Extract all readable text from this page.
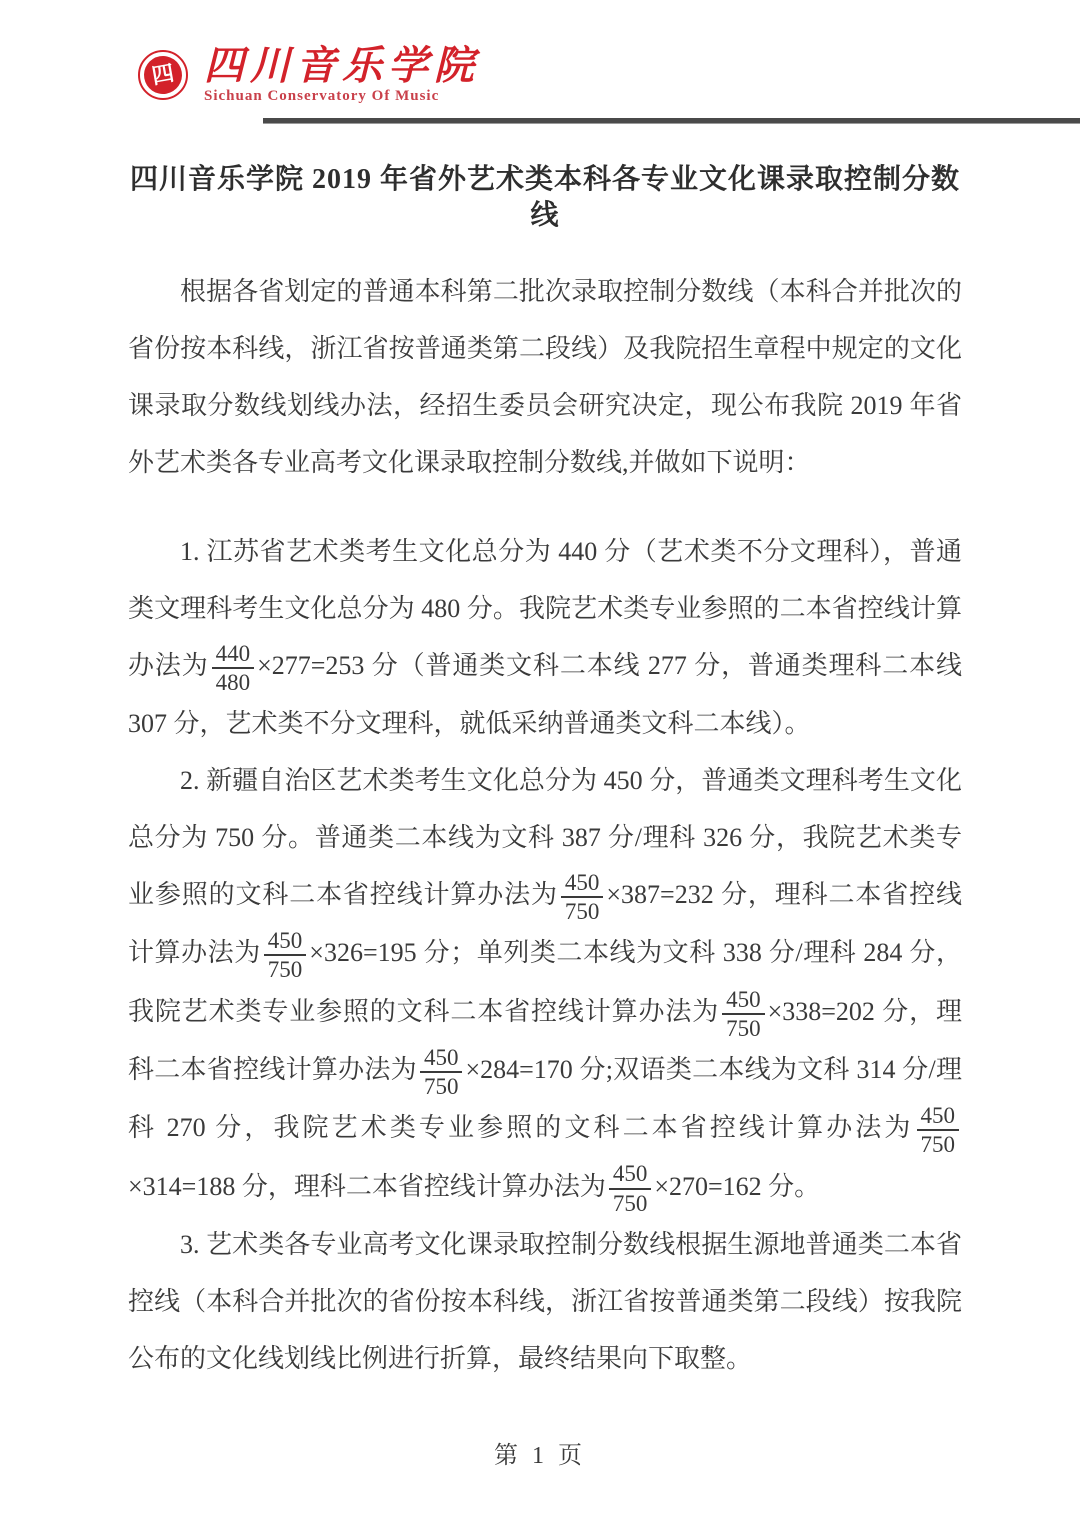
四 四川音乐学院
Sichuan Conservatory Of Music
四川音乐学院 2019 年省外艺术类本科各专业文化课录取控制分数线

根据各省划定的普通本科第二批次录取控制分数线（本科合并批次的省份按本科线，浙江省按普通类第二段线）及我院招生章程中规定的文化课录取分数线划线办法，经招生委员会研究决定，现公布我院 2019 年省外艺术类各专业高考文化课录取控制分数线,并做如下说明：

1. 江苏省艺术类考生文化总分为 440 分（艺术类不分文理科），普通类文理科考生文化总分为 480 分。我院艺术类专业参照的二本省控线计算办法为 $\frac{440}{480} \times 277=253$ 分（普通类文科二本线 277 分，普通类理科二本线 307 分，艺术类不分文理科，就低采纳普通类文科二本线）。

2. 新疆自治区艺术类考生文化总分为 450 分，普通类文理科考生文化总分为 750 分。普通类二本线为文科 387 分/理科 326 分，我院艺术类专业参照的文科二本省控线计算办法为 $\frac{450}{750} \times 387=232$ 分，理科二本省控线计算办法为 $\frac{450}{750} \times 326=195$ 分；单列类二本线为文科 338 分/理科 284 分，我院艺术类专业参照的文科二本省控线计算办法为 $\frac{450}{750} \times 338=202$ 分，理科二本省控线计算办法为 $\frac{450}{750} \times 284=170$ 分;双语类二本线为文科 314 分/理科 270 分，我院艺术类专业参照的文科二本省控线计算办法为 $\frac{450}{750}$
×314=188 分，理科二本省控线计算办法为 $\frac{450}{750} \times 270=162$ 分。

3. 艺术类各专业高考文化课录取控制分数线根据生源地普通类二本省控线（本科合并批次的省份按本科线，浙江省按普通类第二段线）按我院公布的文化线划线比例进行折算，最终结果向下取整。

第 1 页
